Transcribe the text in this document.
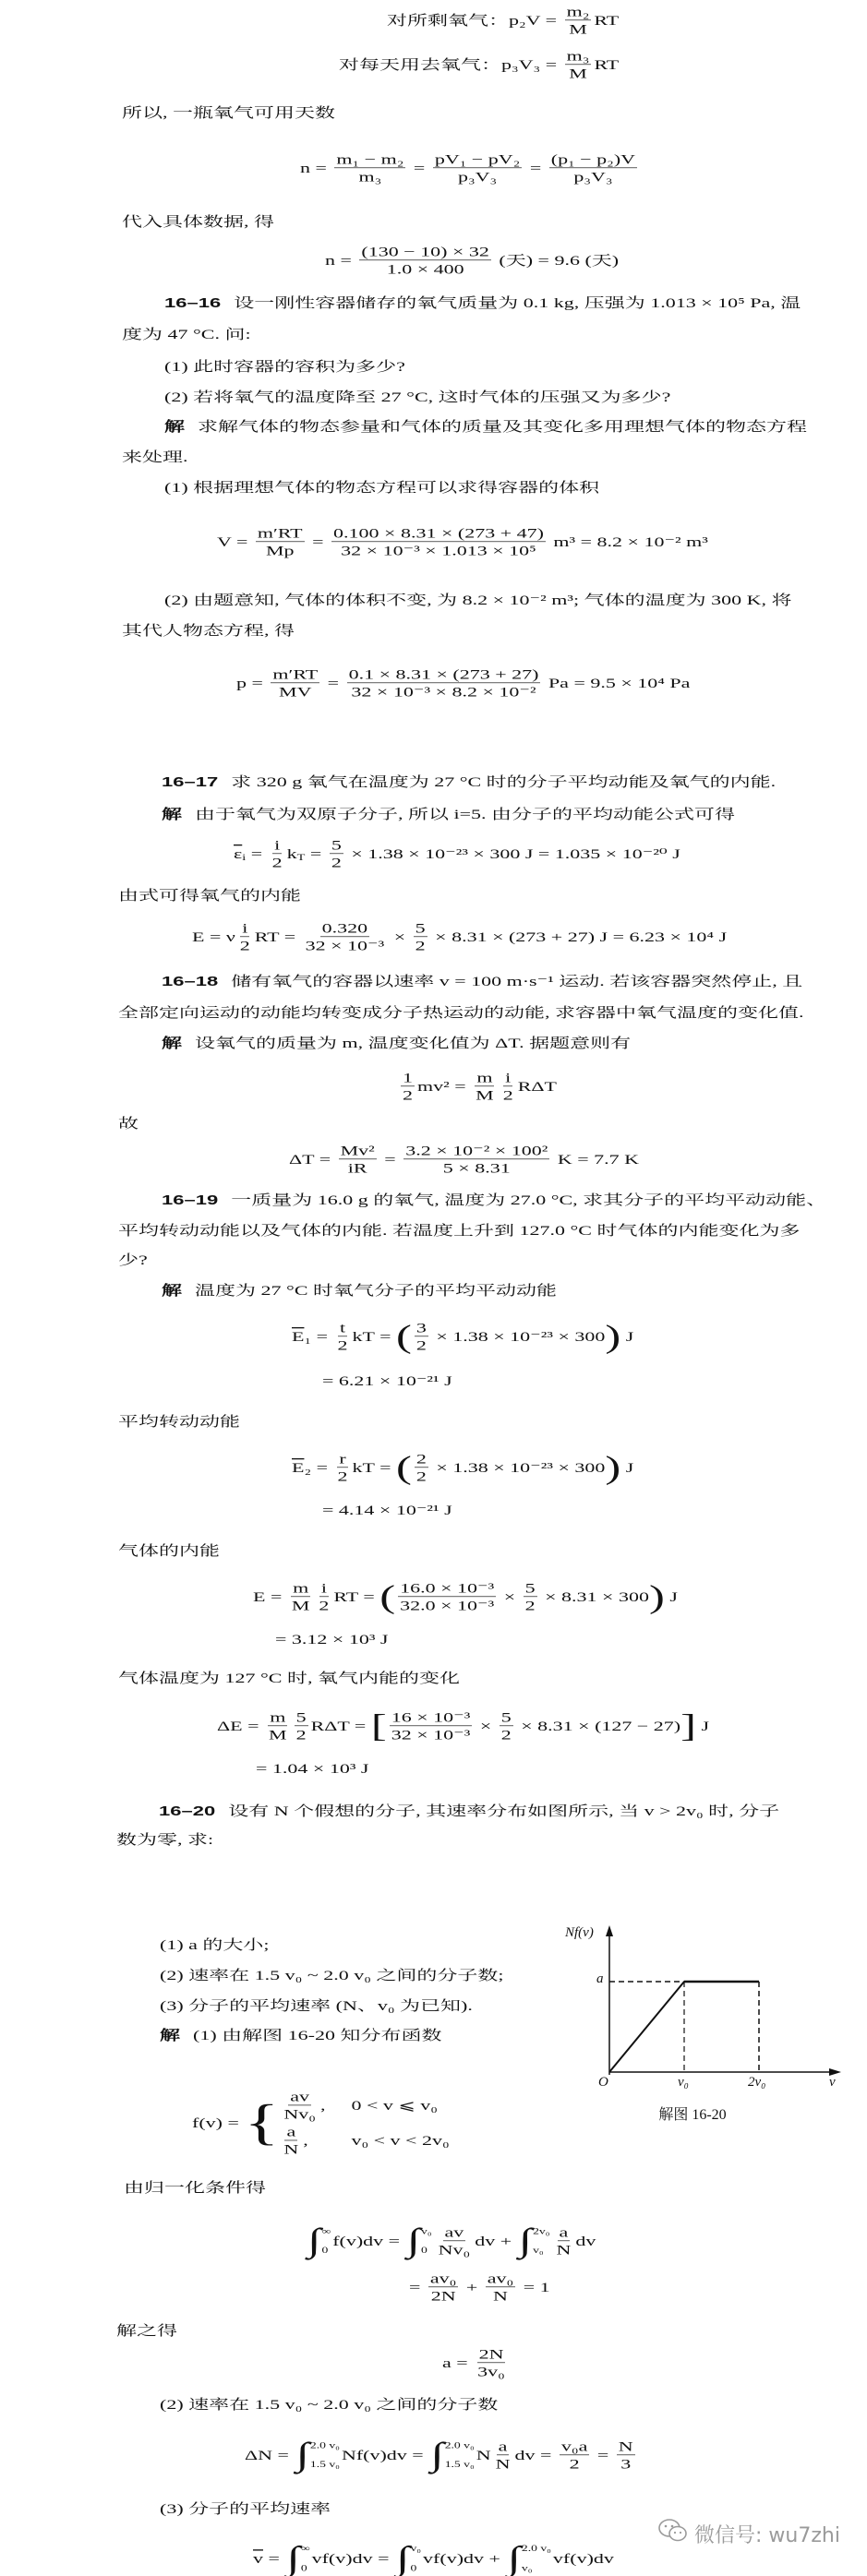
对所剩氧气：$p_2V = \frac{\text{m₂}}{M}$ RT
对每天用去氧气：$p_3V_3 = \frac{\text{m₃}}{M}$ RT
所以, 一瓶氧气可用天数
$n = \frac{\text{m₁ − m₂}}{\text{m₃}} = \frac{\text{pV₁ − pV₂}}{\text{p₃V₃}} = \frac{\text{(p₁ − p₂)V}}{\text{p₃V₃}}$
代入具体数据, 得
$n = \frac{(130 - 10) \times 32}{1.0 \times 400}$ (天) = 9.6 (天)
16–16 设一刚性容器储存的氧气质量为 0.1 kg, 压强为 1.013 × 10⁵ Pa, 温
度为 47 °C. 问:
(1) 此时容器的容积为多少?
(2) 若将氧气的温度降至 27 °C, 这时气体的压强又为多少?
解 求解气体的物态参量和气体的质量及其变化多用理想气体的物态方程
来处理.
(1) 根据理想气体的物态方程可以求得容器的体积
$V = \frac{m'RT}{Mp} = \frac{0.100 \times 8.31 \times (273 + 47)}{\text{32 × 10⁻³ × 1.013 × 10⁵}} m^3 = 8.2 \times 10^{-2}$ m³
(2) 由题意知, 气体的体积不变, 为 8.2 × 10⁻² m³; 气体的温度为 300 K, 将
其代人物态方程, 得
$p = \frac{m'RT}{MV} = \frac{0.1 \times 8.31 \times (273 + 27)}{\text{32 × 10⁻³ × 8.2 × 10⁻²}}$ Pa = 9.5 × 10⁴ Pa
16–17 求 320 g 氧气在温度为 27 °C 时的分子平均动能及氧气的内能.
解 由于氧气为双原子分子, 所以 i=5. 由分子的平均动能公式可得
$\overline{\varepsilon}_i = \frac{i}{2} k_T = \frac{5}{2} \times 1.38 \times 10^{-23} \times 300$ J = 1.035 × 10⁻²⁰ J
由式可得氧气的内能
E = ν $\frac{i}{2}$ RT = $\frac{0.320}{\text{32 × 10⁻³}} \times \frac{5}{2} \times 8.31 \times (273 + 27) J = 6.23 \times 10^4$ J
16–18 储有氧气的容器以速率 v = 100 m·s⁻¹ 运动. 若该容器突然停止, 且
全部定向运动的动能均转变成分子热运动的动能, 求容器中氧气温度的变化值.
解 设氧气的质量为 m, 温度变化值为 ΔT. 据题意则有
$\frac{1}{2} mv^2 = \frac{m}{M} \frac{i}{2}$ RΔT
故
$\Delta T = \frac{\text{Mv²}}{iR} = \frac{\text{3.2 × 10⁻² × 100²}}{5 \times 8.31}$ K = 7.7 K
16–19 一质量为 16.0 g 的氧气, 温度为 27.0 °C, 求其分子的平均平动动能、
平均转动动能以及气体的内能. 若温度上升到 127.0 °C 时气体的内能变化为多
少?
解 温度为 27 °C 时氧气分子的平均平动动能
$\overline{E}_1 = \frac{t}{2}$ kT = ( $\frac{3}{2} \times 1.38 \times 10^{-23} \times 300$) J
= 6.21 × 10⁻²¹ J
平均转动动能
$\overline{E}_2 = \frac{r}{2}$ kT = ( $\frac{2}{2} \times 1.38 \times 10^{-23} \times 300$) J
= 4.14 × 10⁻²¹ J
气体的内能
$E = \frac{m}{M} \frac{i}{2}$ RT = ( $\frac{\text{16.0 × 10⁻³}}{\text{32.0 × 10⁻³}} \times \frac{5}{2} \times 8.31 \times 300$) J
= 3.12 × 10³ J
气体温度为 127 °C 时, 氧气内能的变化
$\Delta E = \frac{m}{M} \frac{5}{2}$ RΔT = [ $\frac{\text{16 × 10⁻³}}{\text{32 × 10⁻³}} \times \frac{5}{2} \times 8.31 \times (127 - 27)$] J
= 1.04 × 10³ J
16–20 设有 N 个假想的分子, 其速率分布如图所示, 当 v > 2v₀ 时, 分子
数为零, 求:
(1) a 的大小;
(2) 速率在 1.5 v₀ ~ 2.0 v₀ 之间的分子数;
(3) 分子的平均速率 (N、v₀ 为已知).
解 (1) 由解图 16-20 知分布函数
f(v) = { $\frac{av}{\text{Nv₀}}$ , 0 < v ⩽ v₀
$\frac{a}{N}$ ,	v₀ < v < 2v₀
由归一化条件得
∫ ∞
0
f(v)dv = ∫ v₀
$0 \frac{av}{\text{Nv₀}}$ dv + ∫ 2v₀
$v_0 \frac{a}{N}$ dv
= $\frac{\text{av₀}}{2N} + \frac{\text{av₀}}{N} = 1$
解之得
$a = \frac{2N}{\text{3v₀}}$
(2) 速率在 1.5 v₀ ~ 2.0 v₀ 之间的分子数
ΔN = ∫ 2.0 v₀
1.5 v₀
Nf(v)dv = ∫ 2.0 v₀
1.5 v₀
N $\frac{a}{N}$ dv = $\frac{\text{v₀a}}{2} = \frac{N}{3}$
(3) 分子的平均速率
$\overline{v}$ = ∫ ∞
0
vf(v)dv = ∫ v₀
0
vf(v)dv + ∫ 2.0 v₀
v₀
vf(v)dv
Nf(v)
a
O	v₀	2v₀	v
解图 16-20
微信号: wu7zhi
